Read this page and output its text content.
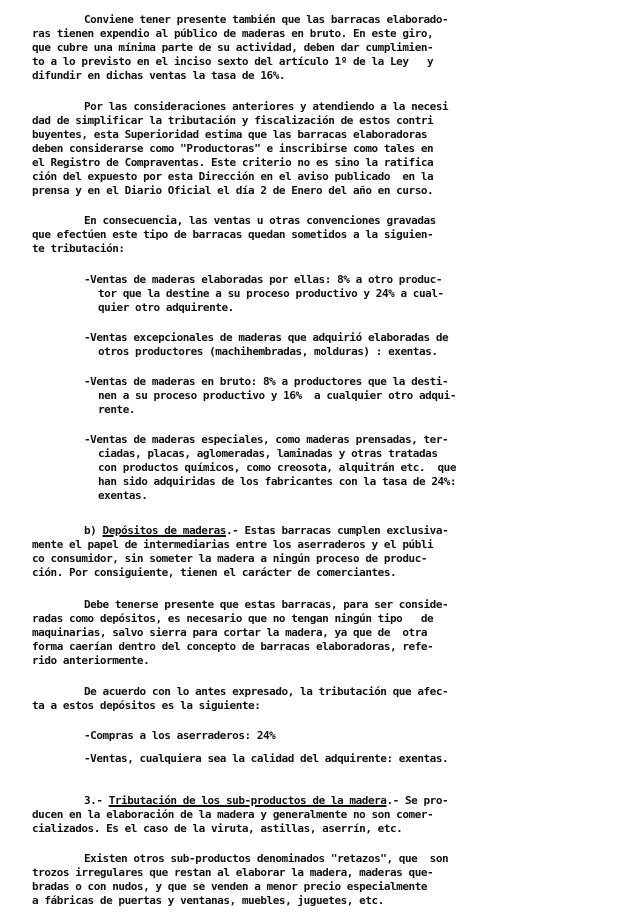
Conviene tener presente también que las barracas elaborado-
ras tienen expendio al público de maderas en bruto. En este giro,
que cubre una mínima parte de su actividad, deben dar cumplimien-
to a lo previsto en el inciso sexto del artículo 1º de la Ley   y
difundir en dichas ventas la tasa de 16%.
Por las consideraciones anteriores y atendiendo a la necesi
dad de simplificar la tributación y fiscalización de estos contri
buyentes, esta Superioridad estima que las barracas elaboradoras
deben considerarse como "Productoras" e inscribirse como tales en
el Registro de Compraventas. Este criterio no es sino la ratifica
ción del expuesto por esta Dirección en el aviso publicado  en la
prensa y en el Diario Oficial el día 2 de Enero del año en curso.
En consecuencia, las ventas u otras convenciones gravadas
que efectúen este tipo de barracas quedan sometidos a la siguien-
te tributación:
-Ventas de maderas elaboradas por ellas: 8% a otro produc-
tor que la destine a su proceso productivo y 24% a cual-
quier otro adquirente.
-Ventas excepcionales de maderas que adquirió elaboradas de
otros productores (machihembradas, molduras) : exentas.
-Ventas de maderas en bruto: 8% a productores que la desti-
nen a su proceso productivo y 16%  a cualquier otro adqui-
rente.
-Ventas de maderas especiales, como maderas prensadas, ter-
ciadas, placas, aglomeradas, laminadas y otras tratadas
con productos químicos, como creosota, alquitrán etc.  que
han sido adquiridas de los fabricantes con la tasa de 24%:
exentas.
b) Depósitos de maderas.- Estas barracas cumplen exclusiva-
mente el papel de intermediarias entre los aserraderos y el públi
co consumidor, sin someter la madera a ningún proceso de produc-
ción. Por consiguiente, tienen el carácter de comerciantes.
Debe tenerse presente que estas barracas, para ser conside-
radas como depósitos, es necesario que no tengan ningún tipo   de
maquinarias, salvo sierra para cortar la madera, ya que de  otra
forma caerían dentro del concepto de barracas elaboradoras, refe-
rido anteriormente.
De acuerdo con lo antes expresado, la tributación que afec-
ta a estos depósitos es la siguiente:
-Compras a los aserraderos: 24%
-Ventas, cualquiera sea la calidad del adquirente: exentas.
3.- Tributación de los sub-productos de la madera.- Se pro-
ducen en la elaboración de la madera y generalmente no son comer-
cializados. Es el caso de la viruta, astillas, aserrín, etc.
Existen otros sub-productos denominados "retazos", que  son
trozos irregulares que restan al elaborar la madera, maderas que-
bradas o con nudos, y que se venden a menor precio especialmente
a fábricas de puertas y ventanas, muebles, juguetes, etc.
